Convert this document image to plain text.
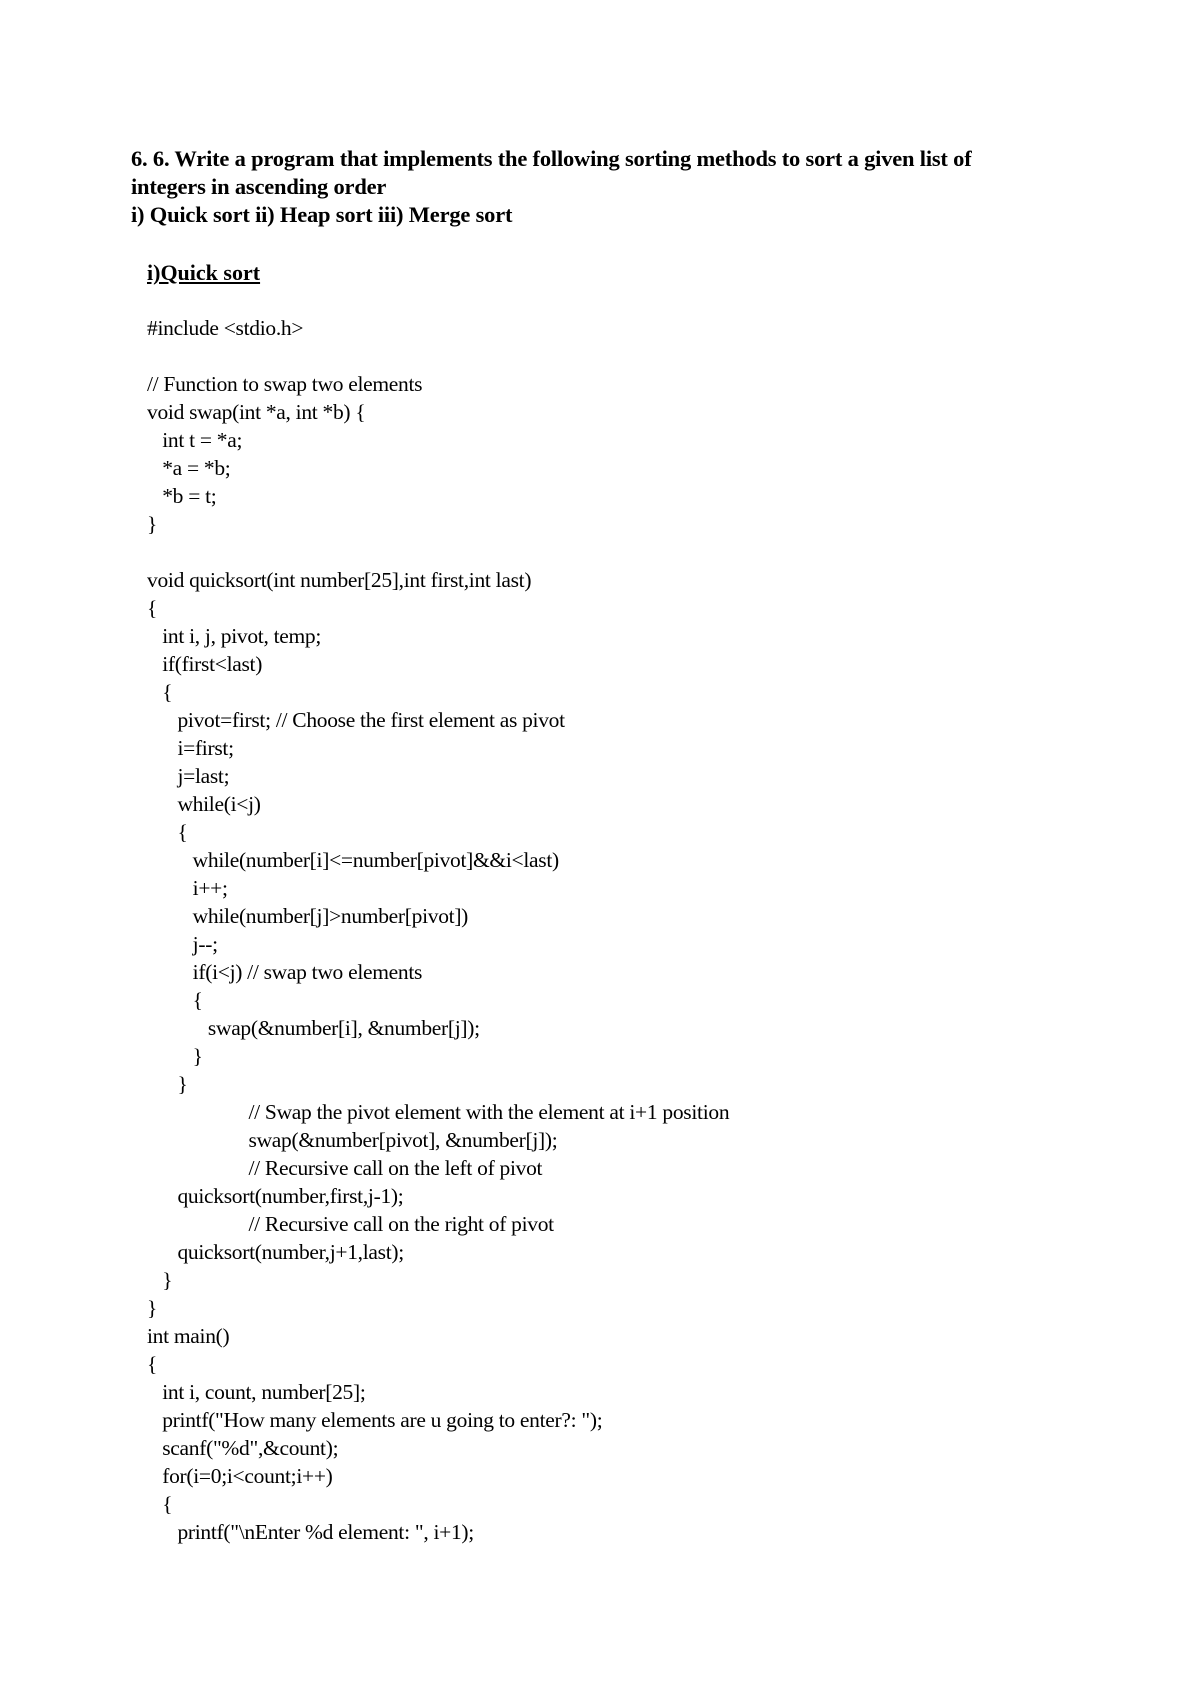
6. 6. Write a program that implements the following sorting methods to sort a given list of
integers in ascending order
i) Quick sort ii) Heap sort iii) Merge sort
i)Quick sort
#include <stdio.h>
// Function to swap two elements
void swap(int *a, int *b) {
int t = *a;
*a = *b;
*b = t;
}
void quicksort(int number[25],int first,int last)
{
int i, j, pivot, temp;
if(first<last)
{
pivot=first; // Choose the first element as pivot
i=first;
j=last;
while(i<j)
{
while(number[i]<=number[pivot]&&i<last)
i++;
while(number[j]>number[pivot])
j--;
if(i<j) // swap two elements
{
swap(&number[i], &number[j]);
}
}
// Swap the pivot element with the element at i+1 position
swap(&number[pivot], &number[j]);
// Recursive call on the left of pivot
quicksort(number,first,j-1);
// Recursive call on the right of pivot
quicksort(number,j+1,last);
}
}
int main()
{
int i, count, number[25];
printf("How many elements are u going to enter?: ");
scanf("%d",&count);
for(i=0;i<count;i++)
{
printf("\nEnter %d element: ", i+1);
